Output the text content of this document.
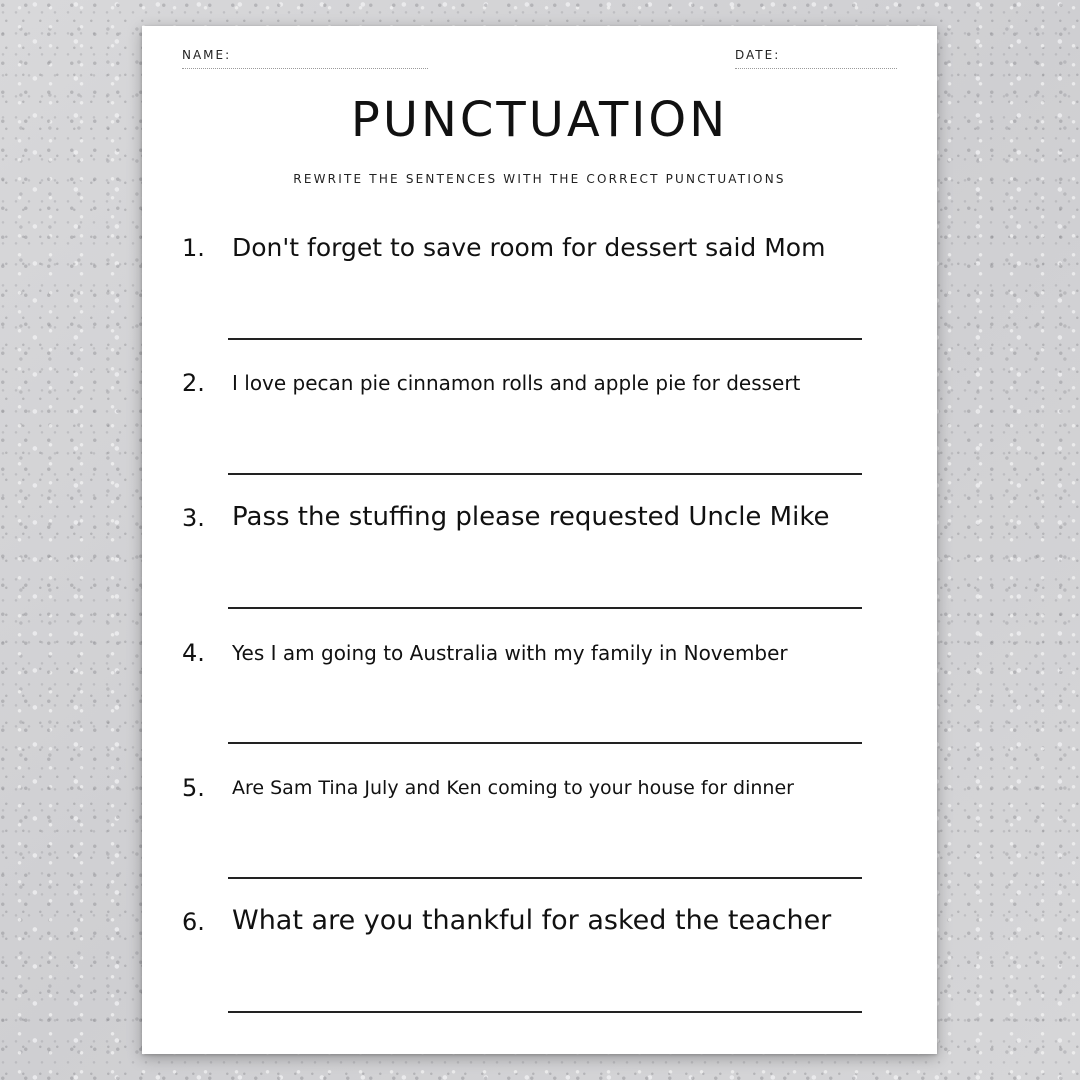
NAME:	DATE:
PUNCTUATION
REWRITE THE SENTENCES WITH THE CORRECT PUNCTUATIONS
1. Don't forget to save room for dessert said Mom
2. I love pecan pie cinnamon rolls and apple pie for dessert
3. Pass the stuffing please requested Uncle Mike
4. Yes I am going to Australia with my family in November
5. Are Sam Tina July and Ken coming to your house for dinner
6. What are you thankful for asked the teacher
